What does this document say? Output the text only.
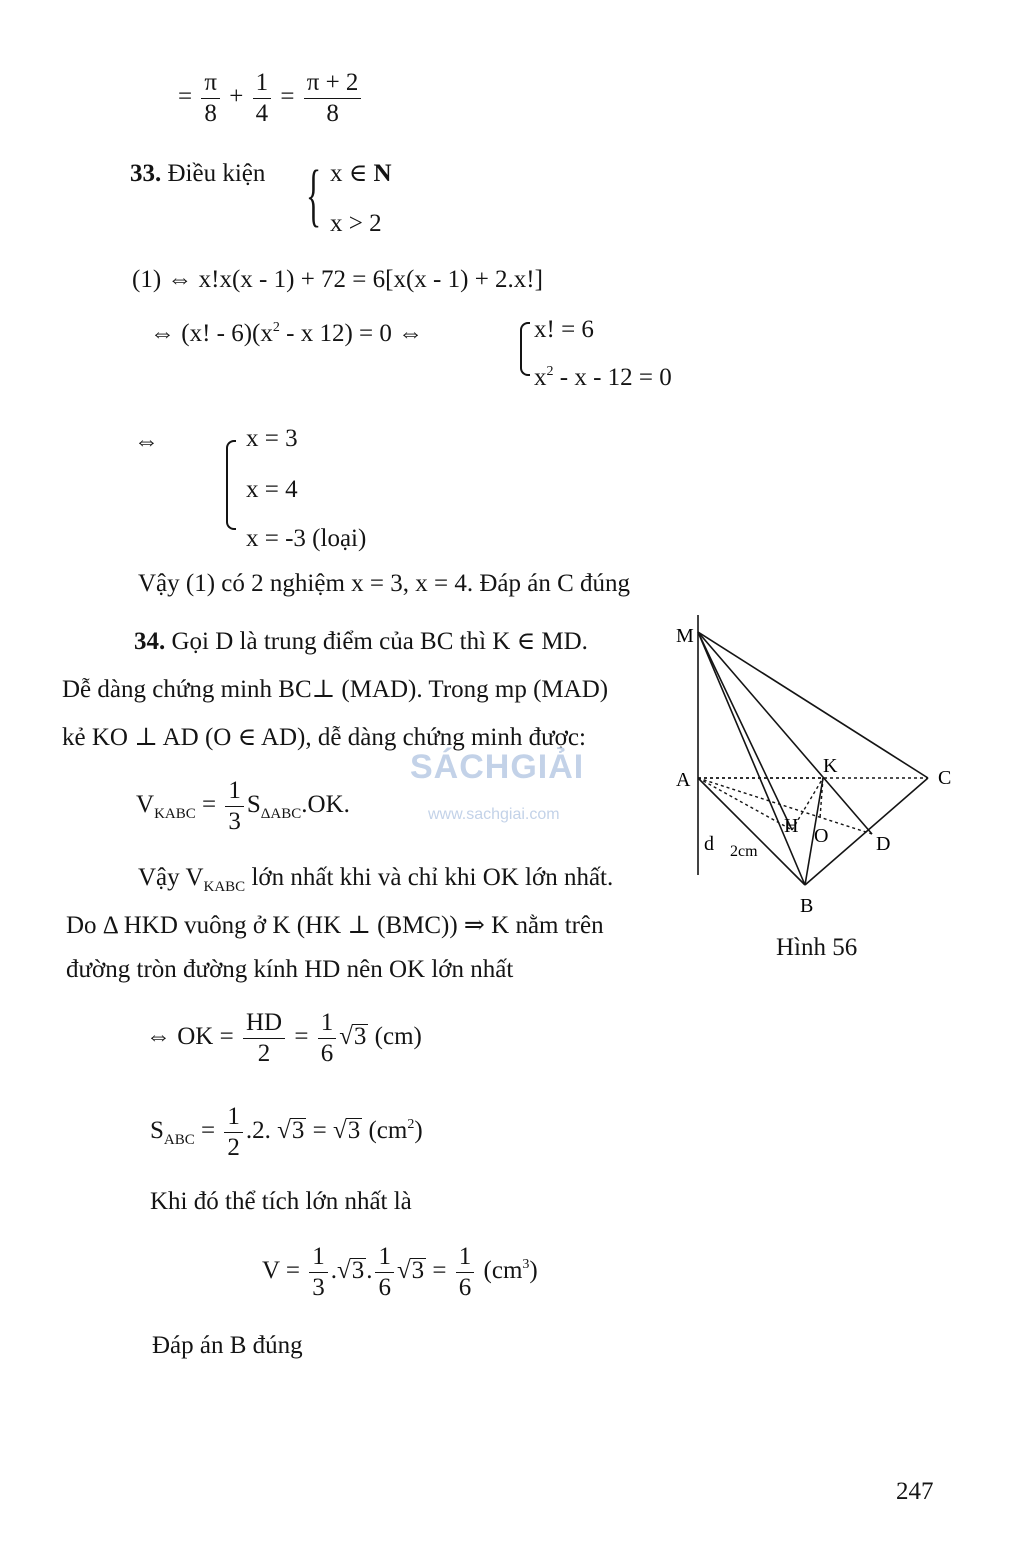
= $\frac{\pi}{8} + \frac{1}{4} = \frac{\pi + 2}{8}$
33. Điều kiện { x ∈ N
x > 2
(1) ⇔ x!x(x - 1) + 72 = 6[x(x - 1) + 2.x!]
⇔ (x! - $6)(x^2$ - x 12) = 0 ⇔	x! = 6
$x^2 - x - 12 = 0$
⇔	x = 3
x = 4
x = -3 (loại)
Vậy (1) có 2 nghiệm x = 3, x = 4. Đáp án C đúng
34. Gọi D là trung điểm của BC thì K ∈ MD.
Dễ dàng chứng minh BC⊥ (MAD). Trong mp (MAD)
kẻ KO ⊥ AD (O ∈ AD), dễ dàng chứng minh được:
SÁCHGIẢI
www.sachgiai.com
$V_{KABC} = \frac{1}{3} S_{\Delta ABC}.OK$.
Vậy $V_{KABC}$ lớn nhất khi và chỉ khi OK lớn nhất.
Do Δ HKD vuông ở K (HK ⊥ (BMC)) ⇒ K nằm trên
đường tròn đường kính HD nên OK lớn nhất
⇔ OK = $\frac{HD}{2} = \frac{1}{6} √3$ (cm)
$S_{ABC} = \frac{1}{2} .2$. √3 = √3 $(cm^2)$
Khi đó thể tích lớn nhất là
$V = \frac{1}{3} .√3$. $\frac{1}{6} √3 = \frac{1}{6} (cm^3)$
Đáp án B đúng
M
A
K
C
H O D
d 2cm
B
Hình 56
247
